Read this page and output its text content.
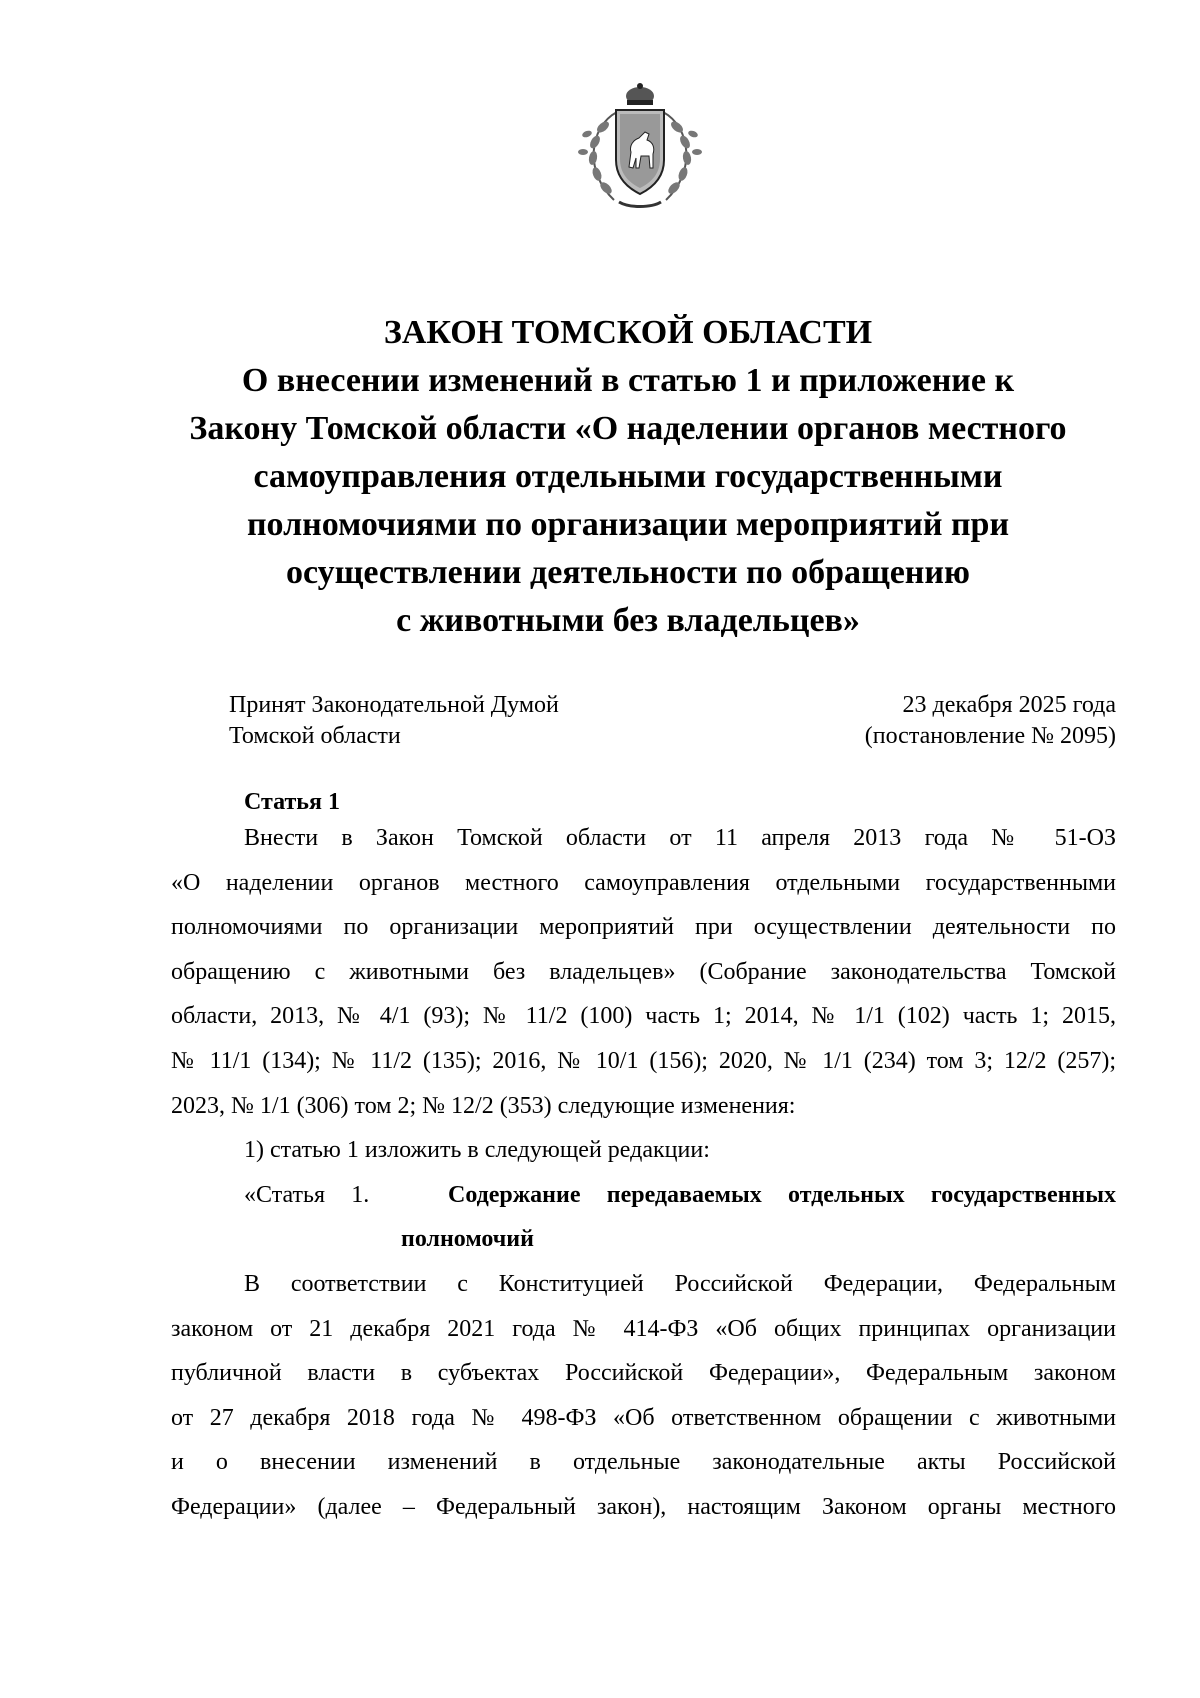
ЗАКОН ТОМСКОЙ ОБЛАСТИ
О внесении изменений в статью 1 и приложение к
Закону Томской области «О наделении органов местного
самоуправления отдельными государственными
полномочиями по организации мероприятий при
осуществлении деятельности по обращению
с животными без владельцев»
Принят Законодательной Думой
Томской области
23 декабря 2025 года
(постановление № 2095)
Статья 1
Внести в Закон Томской области от 11 апреля 2013 года № 51-ОЗ
«О наделении органов местного самоуправления отдельными государственными
полномочиями по организации мероприятий при осуществлении деятельности по
обращению с животными без владельцев» (Собрание законодательства Томской
области, 2013, № 4/1 (93); № 11/2 (100) часть 1; 2014, № 1/1 (102) часть 1; 2015,
№ 11/1 (134); № 11/2 (135); 2016, № 10/1 (156); 2020, № 1/1 (234) том 3; 12/2 (257);
2023, № 1/1 (306) том 2; № 12/2 (353) следующие изменения:
1) статью 1 изложить в следующей редакции:
«Статья 1.	Содержание передаваемых отдельных государственных
полномочий
В соответствии с Конституцией Российской Федерации, Федеральным
законом от 21 декабря 2021 года № 414-ФЗ «Об общих принципах организации
публичной власти в субъектах Российской Федерации», Федеральным законом
от 27 декабря 2018 года № 498-ФЗ «Об ответственном обращении с животными
и о внесении изменений в отдельные законодательные акты Российской
Федерации» (далее – Федеральный закон), настоящим Законом органы местного
